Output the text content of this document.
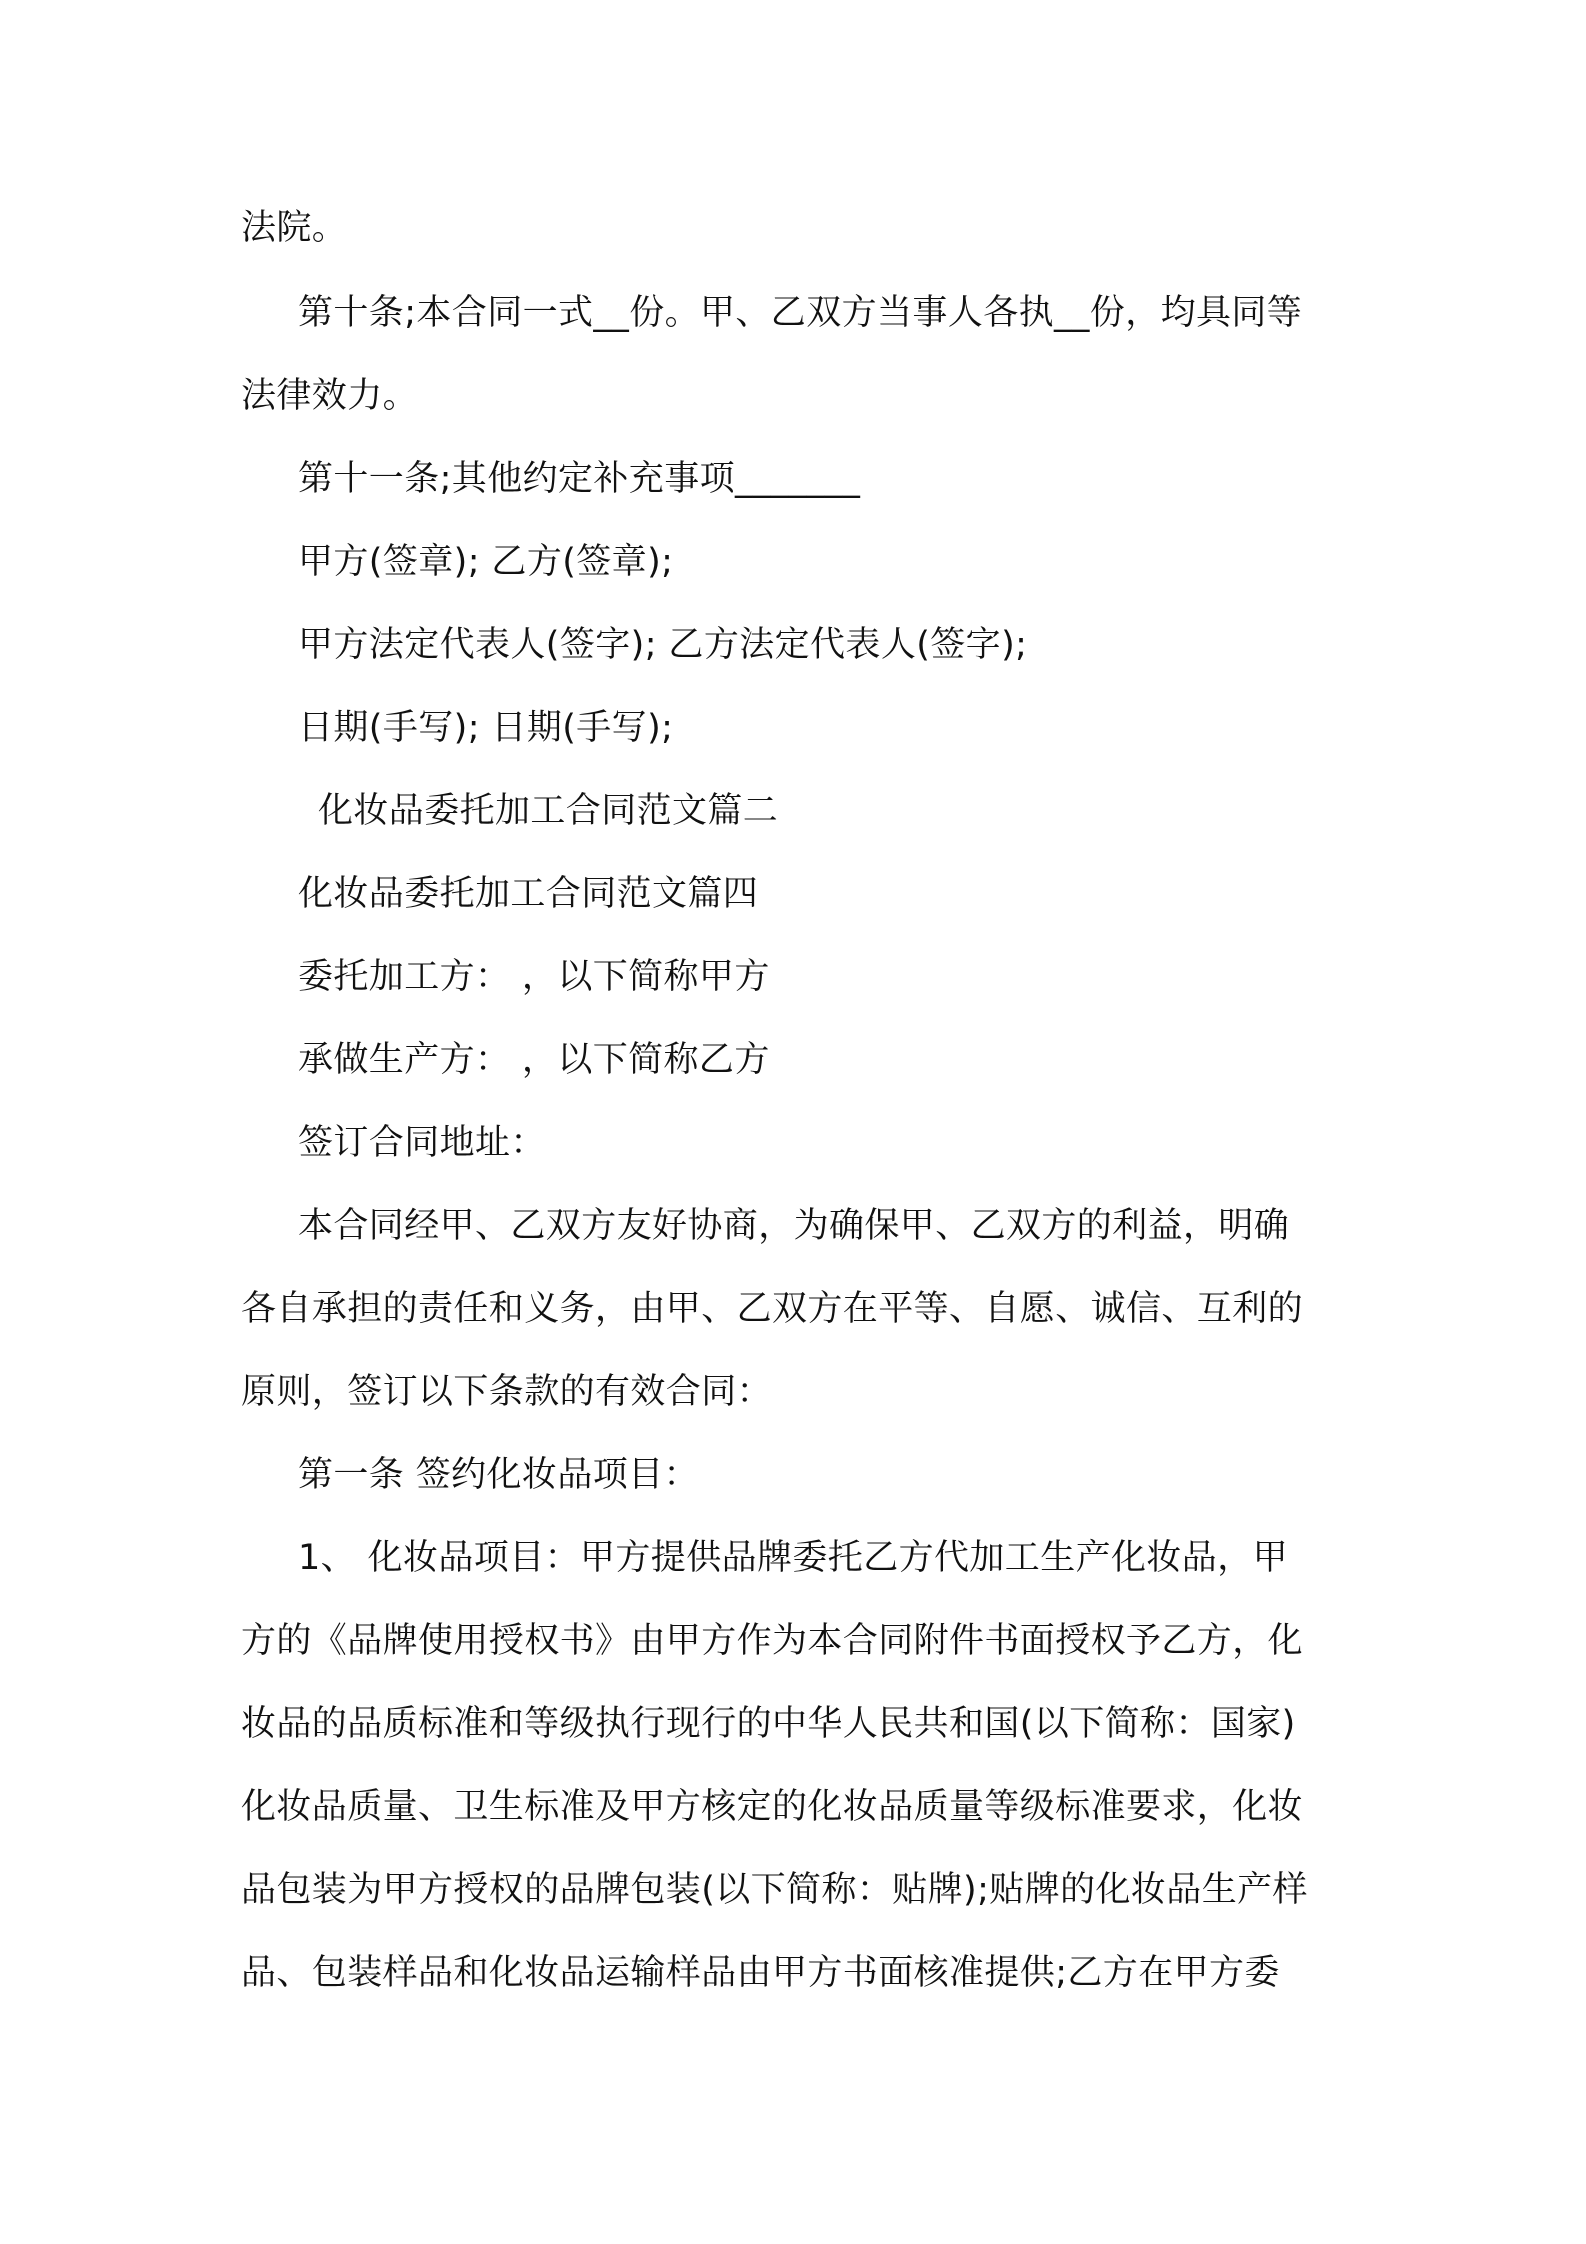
法院。
第十条;本合同一式__份。甲、乙双方当事人各执__份，均具同等
法律效力。
第十一条;其他约定补充事项_______
甲方(签章); 乙方(签章);
甲方法定代表人(签字); 乙方法定代表人(签字);
日期(手写); 日期(手写);
化妆品委托加工合同范文篇二
化妆品委托加工合同范文篇四
委托加工方： ，以下简称甲方
承做生产方： ，以下简称乙方
签订合同地址：
本合同经甲、乙双方友好协商，为确保甲、乙双方的利益，明确
各自承担的责任和义务，由甲、乙双方在平等、自愿、诚信、互利的
原则，签订以下条款的有效合同：
第一条 签约化妆品项目：
1、 化妆品项目：甲方提供品牌委托乙方代加工生产化妆品，甲
方的《品牌使用授权书》由甲方作为本合同附件书面授权予乙方，化
妆品的品质标准和等级执行现行的中华人民共和国(以下简称：国家)
化妆品质量、卫生标准及甲方核定的化妆品质量等级标准要求，化妆
品包装为甲方授权的品牌包装(以下简称：贴牌);贴牌的化妆品生产样
品、包装样品和化妆品运输样品由甲方书面核准提供;乙方在甲方委
